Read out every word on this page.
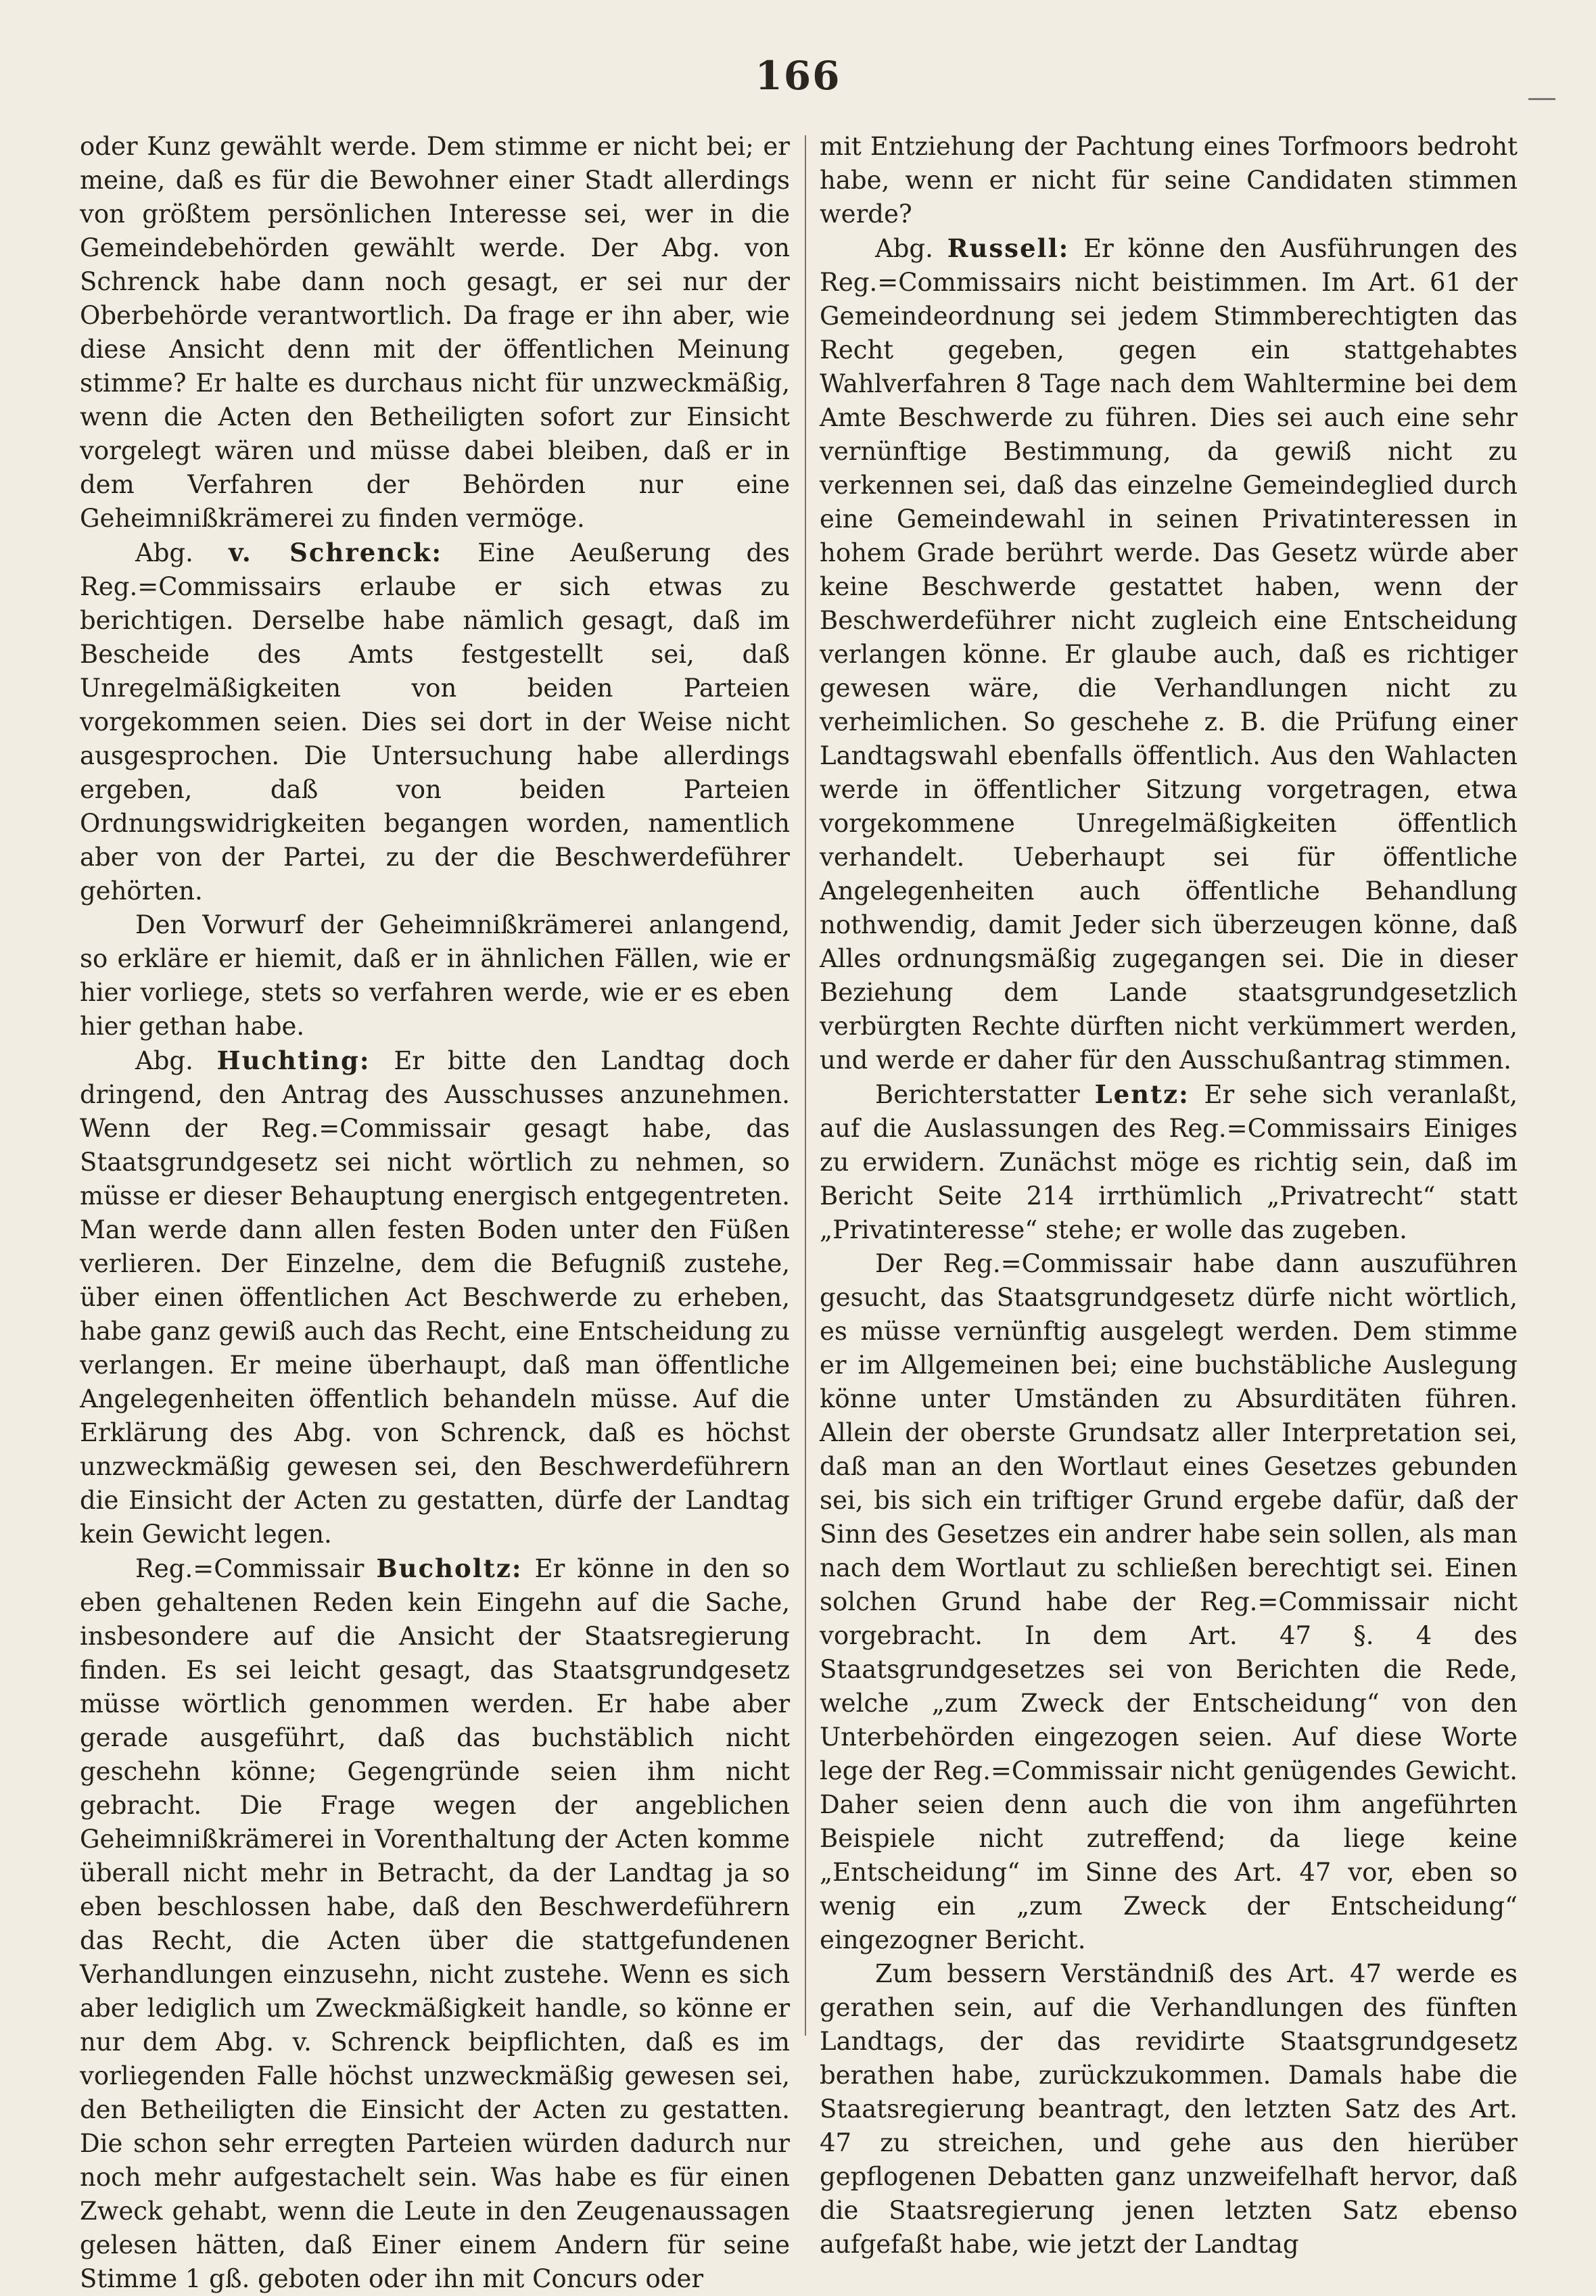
166

oder Kunz gewählt werde. Dem stimme er nicht bei; er meine, daß es für die Bewohner einer Stadt allerdings von größtem persönlichen Interesse sei, wer in die Gemeindebehörden gewählt werde. Der Abg. von Schrenck habe dann noch gesagt, er sei nur der Oberbehörde verantwortlich. Da frage er ihn aber, wie diese Ansicht denn mit der öffentlichen Meinung stimme? Er halte es durchaus nicht für unzweckmäßig, wenn die Acten den Betheiligten sofort zur Einsicht vorgelegt wären und müsse dabei bleiben, daß er in dem Verfahren der Behörden nur eine Geheimnißkrämerei zu finden vermöge.

Abg. v. Schrenck: Eine Aeußerung des Reg.=Commissairs erlaube er sich etwas zu berichtigen. Derselbe habe nämlich gesagt, daß im Bescheide des Amts festgestellt sei, daß Unregelmäßigkeiten von beiden Parteien vorgekommen seien. Dies sei dort in der Weise nicht ausgesprochen. Die Untersuchung habe allerdings ergeben, daß von beiden Parteien Ordnungswidrigkeiten begangen worden, namentlich aber von der Partei, zu der die Beschwerdeführer gehörten.

Den Vorwurf der Geheimnißkrämerei anlangend, so erkläre er hiemit, daß er in ähnlichen Fällen, wie er hier vorliege, stets so verfahren werde, wie er es eben hier gethan habe.

Abg. Huchting: Er bitte den Landtag doch dringend, den Antrag des Ausschusses anzunehmen. Wenn der Reg.=Commissair gesagt habe, das Staatsgrundgesetz sei nicht wörtlich zu nehmen, so müsse er dieser Behauptung energisch entgegentreten. Man werde dann allen festen Boden unter den Füßen verlieren. Der Einzelne, dem die Befugniß zustehe, über einen öffentlichen Act Beschwerde zu erheben, habe ganz gewiß auch das Recht, eine Entscheidung zu verlangen. Er meine überhaupt, daß man öffentliche Angelegenheiten öffentlich behandeln müsse. Auf die Erklärung des Abg. von Schrenck, daß es höchst unzweckmäßig gewesen sei, den Beschwerdeführern die Einsicht der Acten zu gestatten, dürfe der Landtag kein Gewicht legen.

Reg.=Commissair Bucholtz: Er könne in den so eben gehaltenen Reden kein Eingehn auf die Sache, insbesondere auf die Ansicht der Staatsregierung finden. Es sei leicht gesagt, das Staatsgrundgesetz müsse wörtlich genommen werden. Er habe aber gerade ausgeführt, daß das buchstäblich nicht geschehn könne; Gegengründe seien ihm nicht gebracht. Die Frage wegen der angeblichen Geheimnißkrämerei in Vorenthaltung der Acten komme überall nicht mehr in Betracht, da der Landtag ja so eben beschlossen habe, daß den Beschwerdeführern das Recht, die Acten über die stattgefundenen Verhandlungen einzusehn, nicht zustehe. Wenn es sich aber lediglich um Zweckmäßigkeit handle, so könne er nur dem Abg. v. Schrenck beipflichten, daß es im vorliegenden Falle höchst unzweckmäßig gewesen sei, den Betheiligten die Einsicht der Acten zu gestatten. Die schon sehr erregten Parteien würden dadurch nur noch mehr aufgestachelt sein. Was habe es für einen Zweck gehabt, wenn die Leute in den Zeugenaussagen gelesen hätten, daß Einer einem Andern für seine Stimme 1 gß. geboten oder ihn mit Concurs oder

mit Entziehung der Pachtung eines Torfmoors bedroht habe, wenn er nicht für seine Candidaten stimmen werde?

Abg. Russell: Er könne den Ausführungen des Reg.=Commissairs nicht beistimmen. Im Art. 61 der Gemeindeordnung sei jedem Stimmberechtigten das Recht gegeben, gegen ein stattgehabtes Wahlverfahren 8 Tage nach dem Wahltermine bei dem Amte Beschwerde zu führen. Dies sei auch eine sehr vernünftige Bestimmung, da gewiß nicht zu verkennen sei, daß das einzelne Gemeindeglied durch eine Gemeindewahl in seinen Privatinteressen in hohem Grade berührt werde. Das Gesetz würde aber keine Beschwerde gestattet haben, wenn der Beschwerdeführer nicht zugleich eine Entscheidung verlangen könne. Er glaube auch, daß es richtiger gewesen wäre, die Verhandlungen nicht zu verheimlichen. So geschehe z. B. die Prüfung einer Landtagswahl ebenfalls öffentlich. Aus den Wahlacten werde in öffentlicher Sitzung vorgetragen, etwa vorgekommene Unregelmäßigkeiten öffentlich verhandelt. Ueberhaupt sei für öffentliche Angelegenheiten auch öffentliche Behandlung nothwendig, damit Jeder sich überzeugen könne, daß Alles ordnungsmäßig zugegangen sei. Die in dieser Beziehung dem Lande staatsgrundgesetzlich verbürgten Rechte dürften nicht verkümmert werden, und werde er daher für den Ausschußantrag stimmen.

Berichterstatter Lentz: Er sehe sich veranlaßt, auf die Auslassungen des Reg.=Commissairs Einiges zu erwidern. Zunächst möge es richtig sein, daß im Bericht Seite 214 irrthümlich „Privatrecht“ statt „Privatinteresse“ stehe; er wolle das zugeben.

Der Reg.=Commissair habe dann auszuführen gesucht, das Staatsgrundgesetz dürfe nicht wörtlich, es müsse vernünftig ausgelegt werden. Dem stimme er im Allgemeinen bei; eine buchstäbliche Auslegung könne unter Umständen zu Absurditäten führen. Allein der oberste Grundsatz aller Interpretation sei, daß man an den Wortlaut eines Gesetzes gebunden sei, bis sich ein triftiger Grund ergebe dafür, daß der Sinn des Gesetzes ein andrer habe sein sollen, als man nach dem Wortlaut zu schließen berechtigt sei. Einen solchen Grund habe der Reg.=Commissair nicht vorgebracht. In dem Art. 47 §. 4 des Staatsgrundgesetzes sei von Berichten die Rede, welche „zum Zweck der Entscheidung“ von den Unterbehörden eingezogen seien. Auf diese Worte lege der Reg.=Commissair nicht genügendes Gewicht. Daher seien denn auch die von ihm angeführten Beispiele nicht zutreffend; da liege keine „Entscheidung“ im Sinne des Art. 47 vor, eben so wenig ein „zum Zweck der Entscheidung“ eingezogner Bericht.

Zum bessern Verständniß des Art. 47 werde es gerathen sein, auf die Verhandlungen des fünften Landtags, der das revidirte Staatsgrundgesetz berathen habe, zurückzukommen. Damals habe die Staatsregierung beantragt, den letzten Satz des Art. 47 zu streichen, und gehe aus den hierüber gepflogenen Debatten ganz unzweifelhaft hervor, daß die Staatsregierung jenen letzten Satz ebenso aufgefaßt habe, wie jetzt der Landtag
